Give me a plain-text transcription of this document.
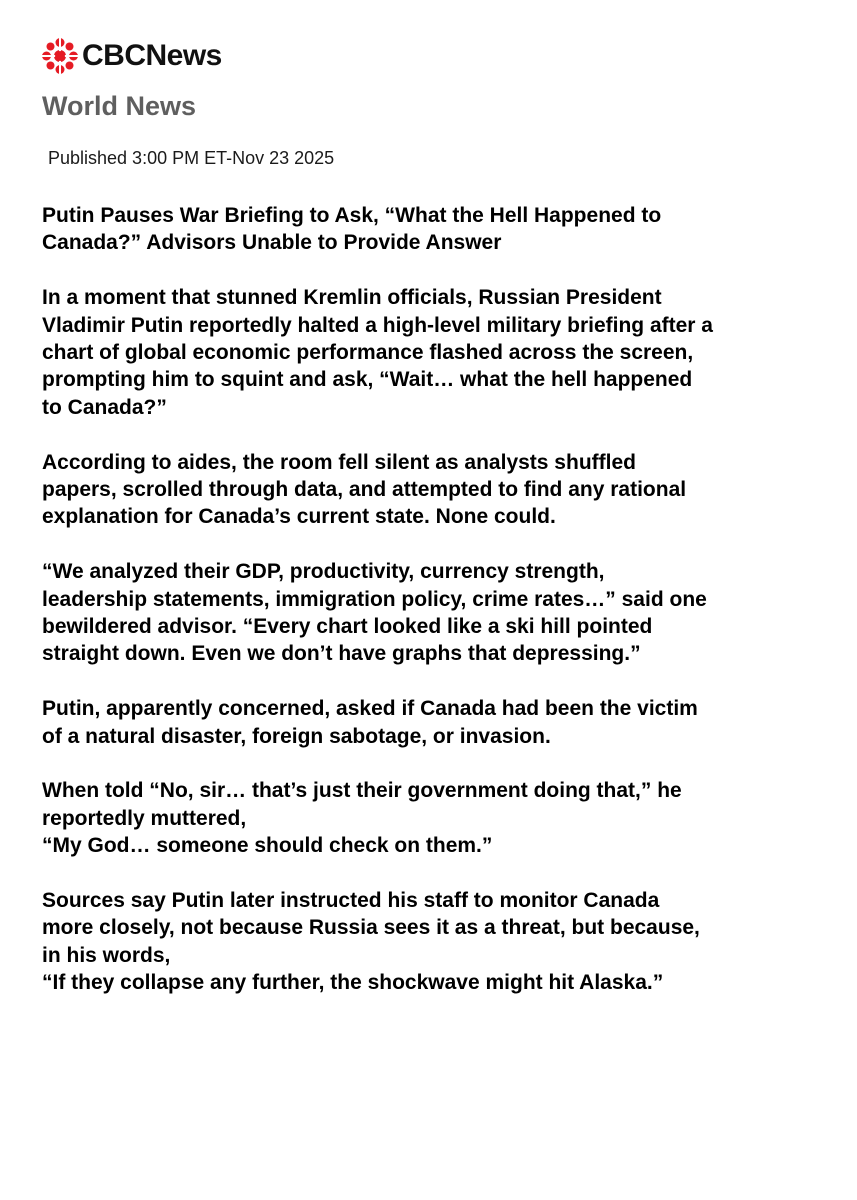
CBCNews
World News
Published 3:00 PM ET-Nov 23 2025
Putin Pauses War Briefing to Ask, “What the Hell Happened to
Canada?” Advisors Unable to Provide Answer

In a moment that stunned Kremlin officials, Russian President
Vladimir Putin reportedly halted a high-level military briefing after a
chart of global economic performance flashed across the screen,
prompting him to squint and ask, “Wait… what the hell happened
to Canada?”

According to aides, the room fell silent as analysts shuffled
papers, scrolled through data, and attempted to find any rational
explanation for Canada’s current state. None could.

“We analyzed their GDP, productivity, currency strength,
leadership statements, immigration policy, crime rates…” said one
bewildered advisor. “Every chart looked like a ski hill pointed
straight down. Even we don’t have graphs that depressing.”

Putin, apparently concerned, asked if Canada had been the victim
of a natural disaster, foreign sabotage, or invasion.

When told “No, sir… that’s just their government doing that,” he
reportedly muttered,
“My God… someone should check on them.”

Sources say Putin later instructed his staff to monitor Canada
more closely, not because Russia sees it as a threat, but because,
in his words,
“If they collapse any further, the shockwave might hit Alaska.”
